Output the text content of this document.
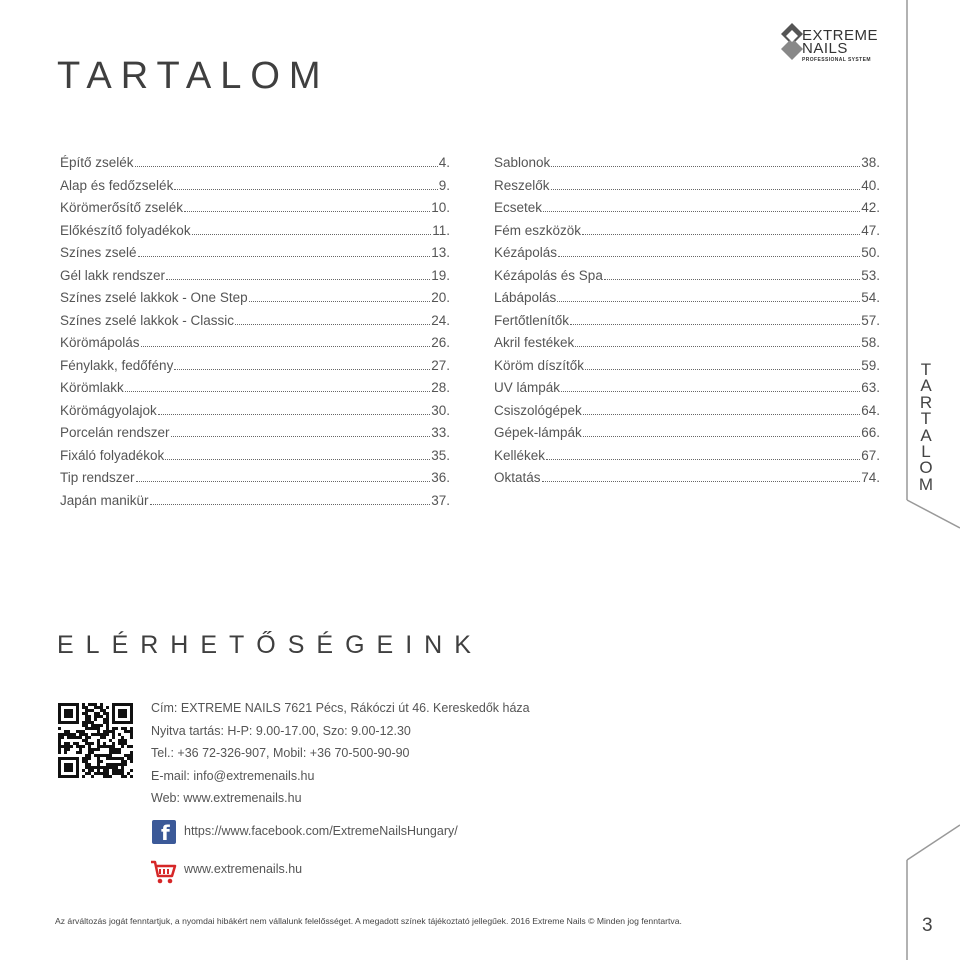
TARTALOM
EXTREME
NAILS
PROFESSIONAL SYSTEM
T
A
R
T
A
L
O
M
Építő zselék	4.
Alap és fedőzselék	9.
Körömerősítő zselék	10.
Előkészítő folyadékok	11.
Színes zselé	13.
Gél lakk rendszer	19.
Színes zselé lakkok - One Step	20.
Színes zselé lakkok - Classic	24.
Körömápolás	26.
Fénylakk, fedőfény	27.
Körömlakk	28.
Körömágyolajok	30.
Porcelán rendszer	33.
Fixáló folyadékok	35.
Tip rendszer	36.
Japán manikür	37.
Sablonok	38.
Reszelők	40.
Ecsetek	42.
Fém eszközök	47.
Kézápolás	50.
Kézápolás és Spa	53.
Lábápolás	54.
Fertőtlenítők	57.
Akril festékek	58.
Köröm díszítők	59.
UV lámpák	63.
Csiszológépek	64.
Gépek-lámpák	66.
Kellékek	67.
Oktatás	74.
ELÉRHETŐSÉGEINK
Cím: EXTREME NAILS 7621 Pécs, Rákóczi út 46. Kereskedők háza
Nyitva tartás: H-P: 9.00-17.00, Szo: 9.00-12.30
Tel.: +36 72-326-907, Mobil: +36 70-500-90-90
E-mail: info@extremenails.hu
Web: www.extremenails.hu
f https://www.facebook.com/ExtremeNailsHungary/
www.extremenails.hu
Az árváltozás jogát fenntartjuk, a nyomdai hibákért nem vállalunk felelősséget. A megadott színek tájékoztató jellegűek. 2016 Extreme Nails © Minden jog fenntartva.	3
